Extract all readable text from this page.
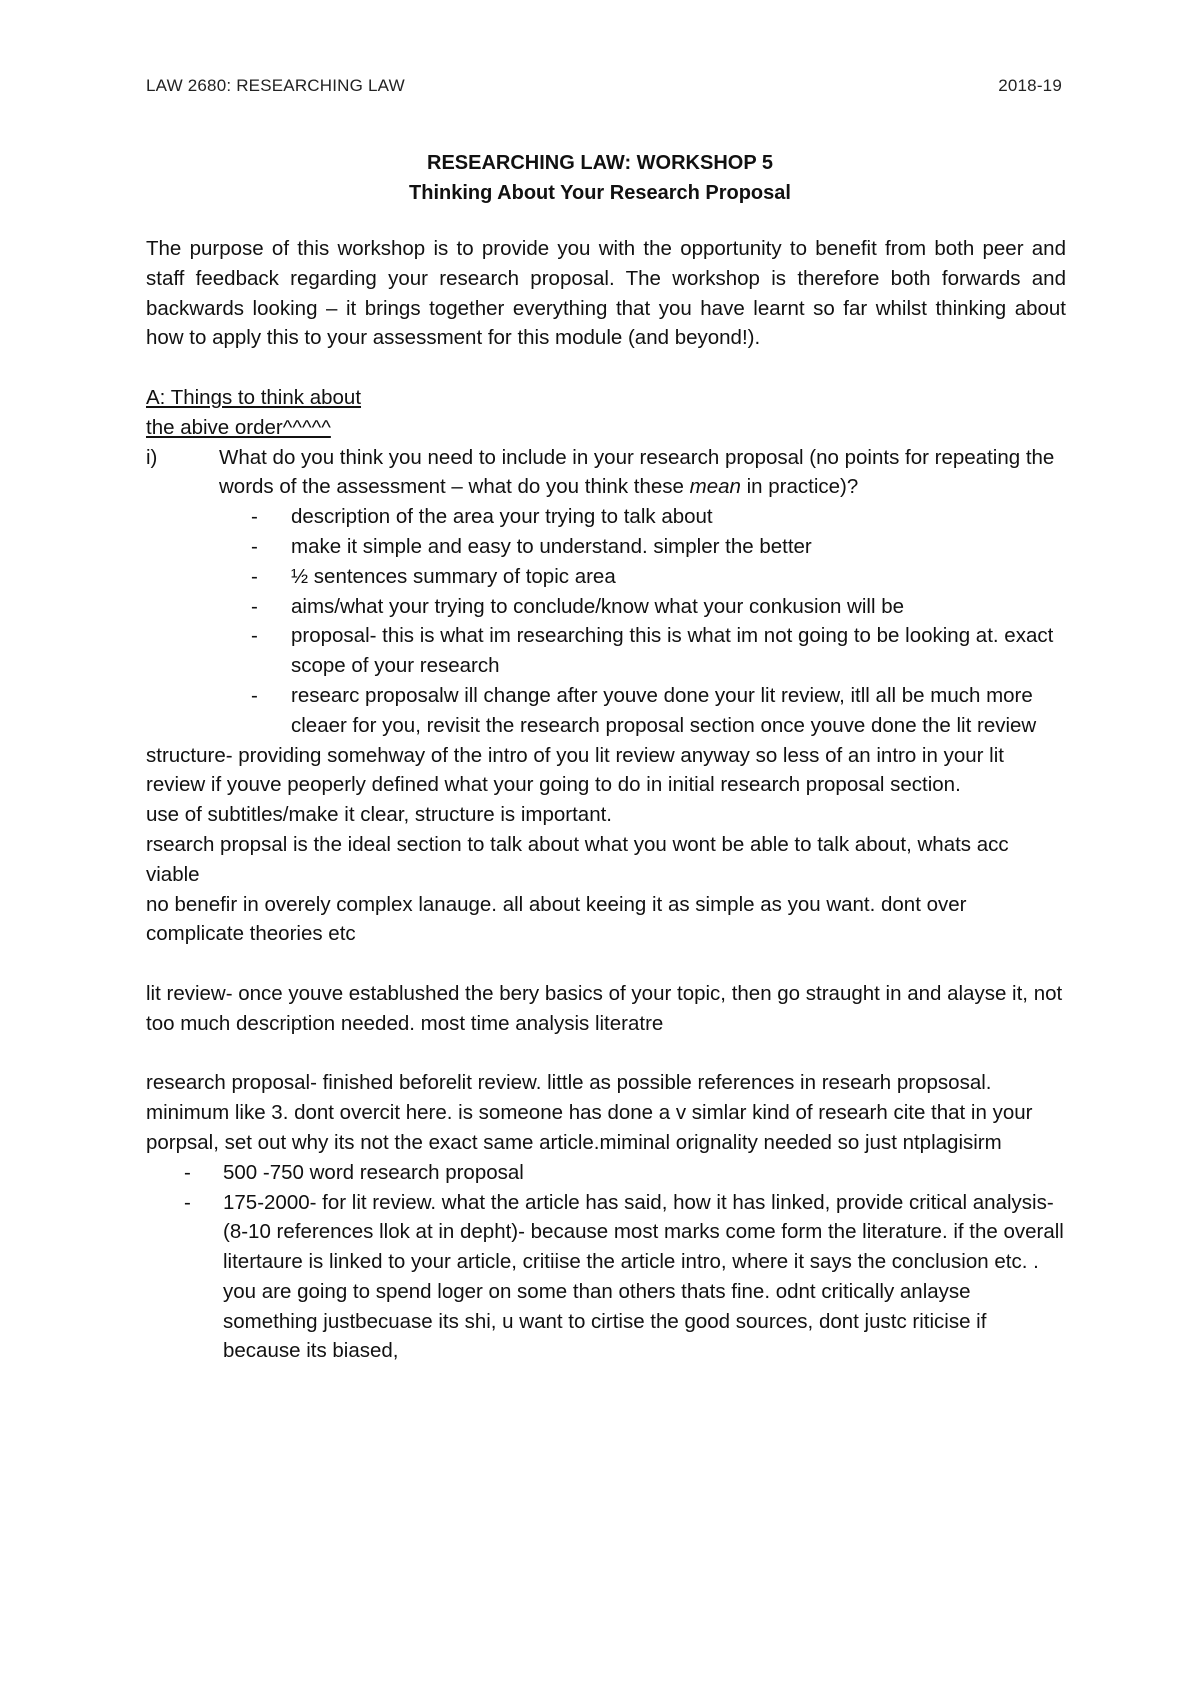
LAW 2680: RESEARCHING LAW	2018-19
RESEARCHING LAW: WORKSHOP 5
Thinking About Your Research Proposal

The purpose of this workshop is to provide you with the opportunity to benefit from both peer and staff feedback regarding your research proposal. The workshop is therefore both forwards and backwards looking – it brings together everything that you have learnt so far whilst thinking about how to apply this to your assessment for this module (and beyond!).

A: Things to think about

the abive order^^^^^

i)	What do you think you need to include in your research proposal (no points for repeating the words of the assessment – what do you think these mean in practice)?
-	description of the area your trying to talk about
-	make it simple and easy to understand. simpler the better
-	½ sentences summary of topic area
-	aims/what your trying to conclude/know what your conkusion will be
-	proposal- this is what im researching this is what im not going to be looking at. exact scope of your research
-	researc proposalw ill change after youve done your lit review, itll all be much more cleaer for you, revisit the research proposal section once youve done the lit review

structure- providing somehway of the intro of you lit review anyway so less of an intro in your lit review if youve peoperly defined what your going to do in initial research proposal section.

use of subtitles/make it clear, structure is important.

rsearch propsal is the ideal section to talk about what you wont be able to talk about, whats acc viable

no benefir in overely complex lanauge. all about keeing it as simple as you want. dont over complicate theories etc

lit review- once youve establushed the bery basics of your topic, then go straught in and alayse it, not too much description needed. most time analysis literatre

research proposal- finished beforelit review. little as possible references in researh propsosal. minimum like 3. dont overcit here. is someone has done a v simlar kind of researh cite that in your porpsal, set out why its not the exact same article.miminal orignality needed so just ntplagisirm

-	500 -750 word research proposal
-	175-2000- for lit review. what the article has said, how it has linked, provide critical analysis- (8-10 references llok at in depht)- because most marks come form the literature. if the overall litertaure is linked to your article, critiise the article intro, where it says the conclusion etc. . you are going to spend loger on some than others thats fine. odnt critically anlayse something justbecuase its shi, u want to cirtise the good sources, dont justc riticise if because its biased,
